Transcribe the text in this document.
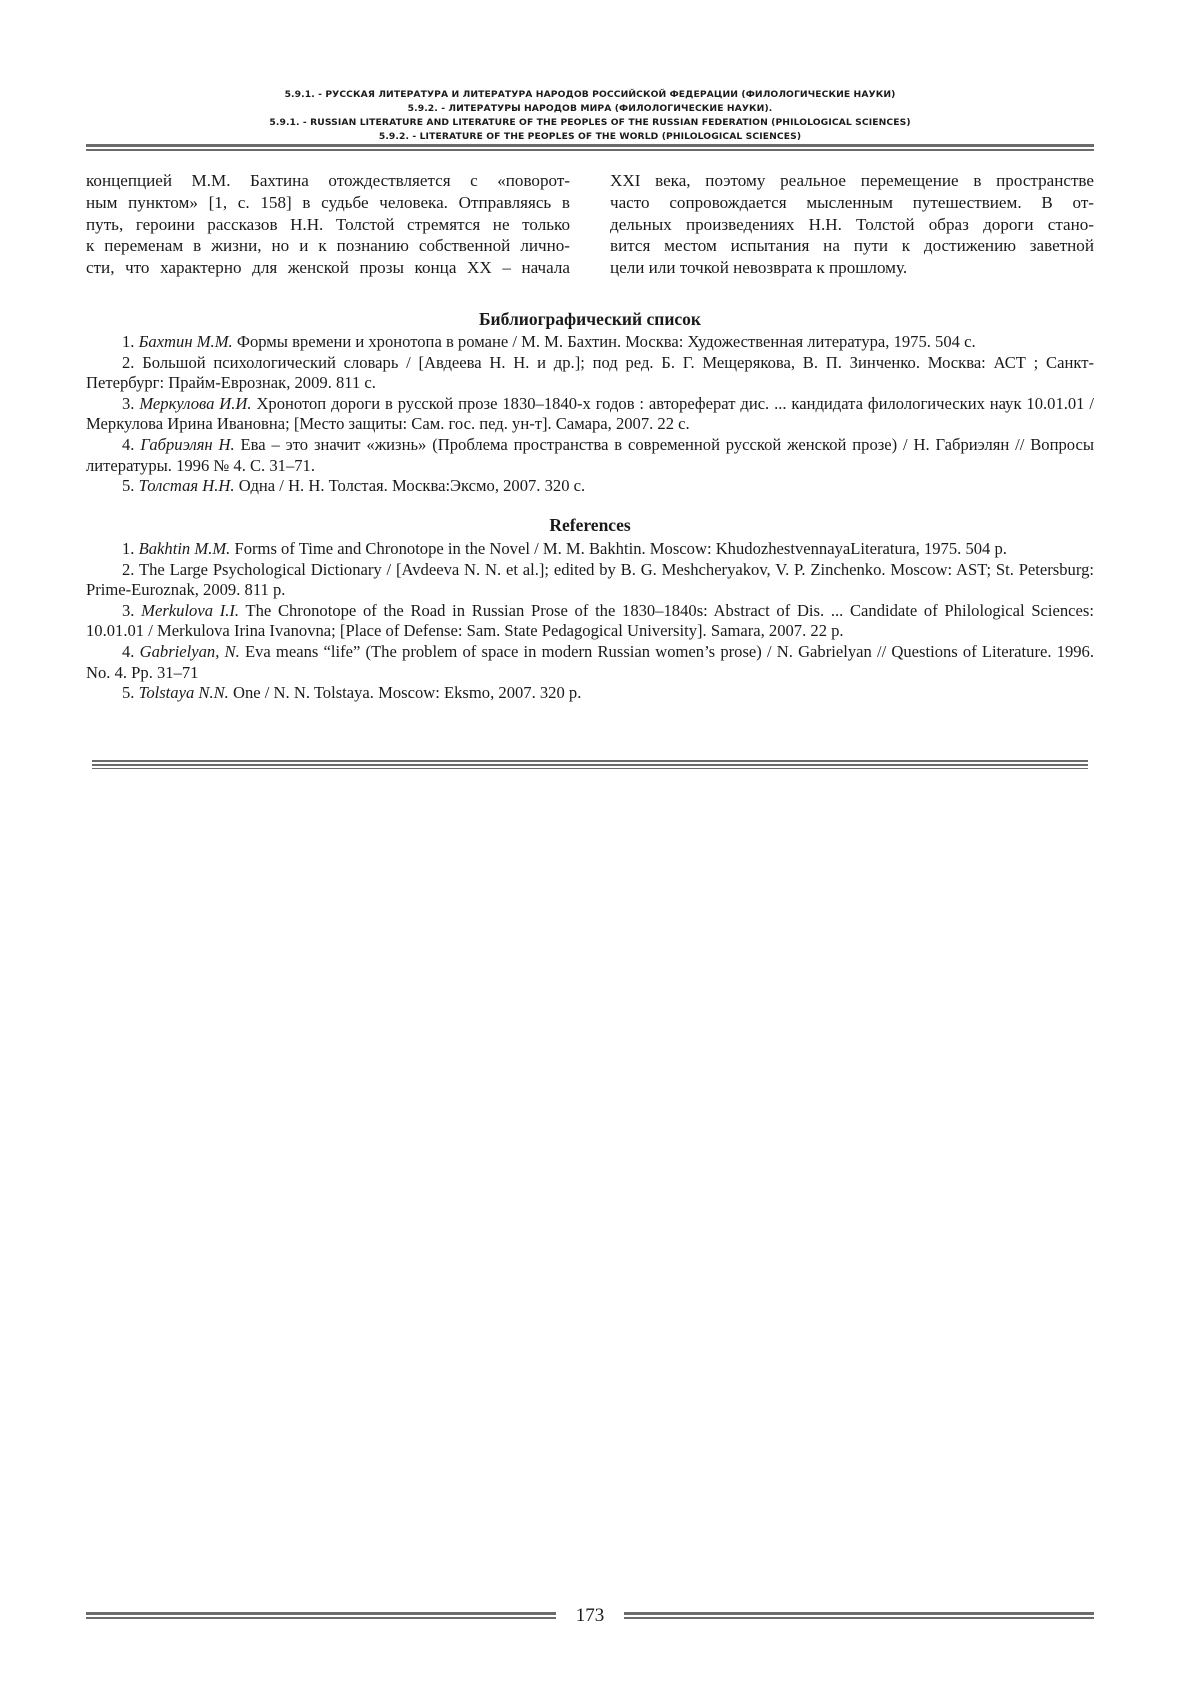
5.9.1. - РУССКАЯ ЛИТЕРАТУРА И ЛИТЕРАТУРА НАРОДОВ РОССИЙСКОЙ ФЕДЕРАЦИИ (ФИЛОЛОГИЧЕСКИЕ НАУКИ)
5.9.2. - ЛИТЕРАТУРЫ НАРОДОВ МИРА (ФИЛОЛОГИЧЕСКИЕ НАУКИ).
5.9.1. - RUSSIAN LITERATURE AND LITERATURE OF THE PEOPLES OF THE RUSSIAN FEDERATION (PHILOLOGICAL SCIENCES)
5.9.2. - LITERATURE OF THE PEOPLES OF THE WORLD (PHILOLOGICAL SCIENCES)
концепцией М.М. Бахтина отождествляется с «поворот-
ным пунктом» [1, с. 158] в судьбе человека. Отправляясь в
путь, героини рассказов Н.Н. Толстой стремятся не только
к переменам в жизни, но и к познанию собственной лично-
сти, что характерно для женской прозы конца XX – начала
XXI века, поэтому реальное перемещение в пространстве
часто сопровождается мысленным путешествием. В от-
дельных произведениях Н.Н. Толстой образ дороги стано-
вится местом испытания на пути к достижению заветной
цели или точкой невозврата к прошлому.
Библиографический список
1. Бахтин М.М. Формы времени и хронотопа в романе / М. М. Бахтин. Москва: Художественная литература, 1975. 504 с.
2. Большой психологический словарь / [Авдеева Н. Н. и др.]; под ред. Б. Г. Мещерякова, В. П. Зинченко. Москва: АСТ ; Санкт-Петербург: Прайм-Еврознак, 2009. 811 с.
3. Меркулова И.И. Хронотоп дороги в русской прозе 1830–1840-х годов : автореферат дис. ... кандидата филологических наук 10.01.01 / Меркулова Ирина Ивановна; [Место защиты: Сам. гос. пед. ун-т]. Самара, 2007. 22 с.
4. Габриэлян Н. Ева – это значит «жизнь» (Проблема пространства в современной русской женской прозе) / Н. Габриэлян // Вопросы литературы. 1996 № 4. С. 31–71.
5. Толстая Н.Н. Одна / Н. Н. Толстая. Москва:Эксмо, 2007. 320 с.
References
1. Bakhtin M.M. Forms of Time and Chronotope in the Novel / M. M. Bakhtin. Moscow: KhudozhestvennayaLiteratura, 1975. 504 p.
2. The Large Psychological Dictionary / [Avdeeva N. N. et al.]; edited by B. G. Meshcheryakov, V. P. Zinchenko. Moscow: AST; St. Petersburg: Prime-Euroznak, 2009. 811 p.
3. Merkulova I.I. The Chronotope of the Road in Russian Prose of the 1830–1840s: Abstract of Dis. ... Candidate of Philological Sciences: 10.01.01 / Merkulova Irina Ivanovna; [Place of Defense: Sam. State Pedagogical University]. Samara, 2007. 22 p.
4. Gabrielyan, N. Eva means “life” (The problem of space in modern Russian women’s prose) / N. Gabrielyan // Questions of Literature. 1996. No. 4. Pp. 31–71
5. Tolstaya N.N. One / N. N. Tolstaya. Moscow: Eksmo, 2007. 320 p.
173
